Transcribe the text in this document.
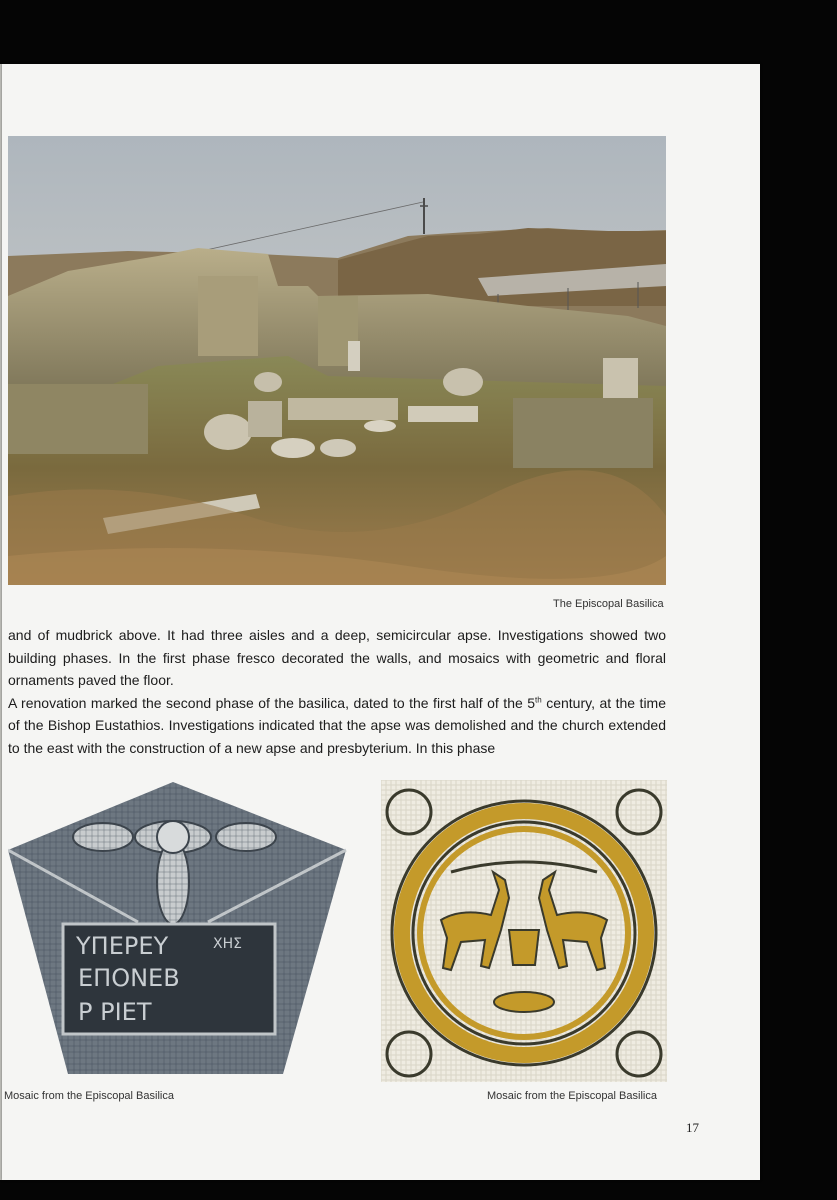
The Episcopal Basilica

and of mudbrick above. It had three aisles and a deep, semicircular apse. Investigations showed two building phases. In the first phase fresco decorated the walls, and mosaics with geometric and floral ornaments paved the floor.

A renovation marked the second phase of the basilica, dated to the first half of the 5th century, at the time of the Bishop Eustathios. Investigations indicated that the apse was demolished and the church extended to the east with the construction of a new apse and presbyterium. In this phase

ΥΠΕΡΕΥ	ΧΗΣ
ΕΠΟΝΕΒ
Ρ ΡΙΕΤ
Mosaic from the Episcopal Basilica	Mosaic from the Episcopal Basilica
17
